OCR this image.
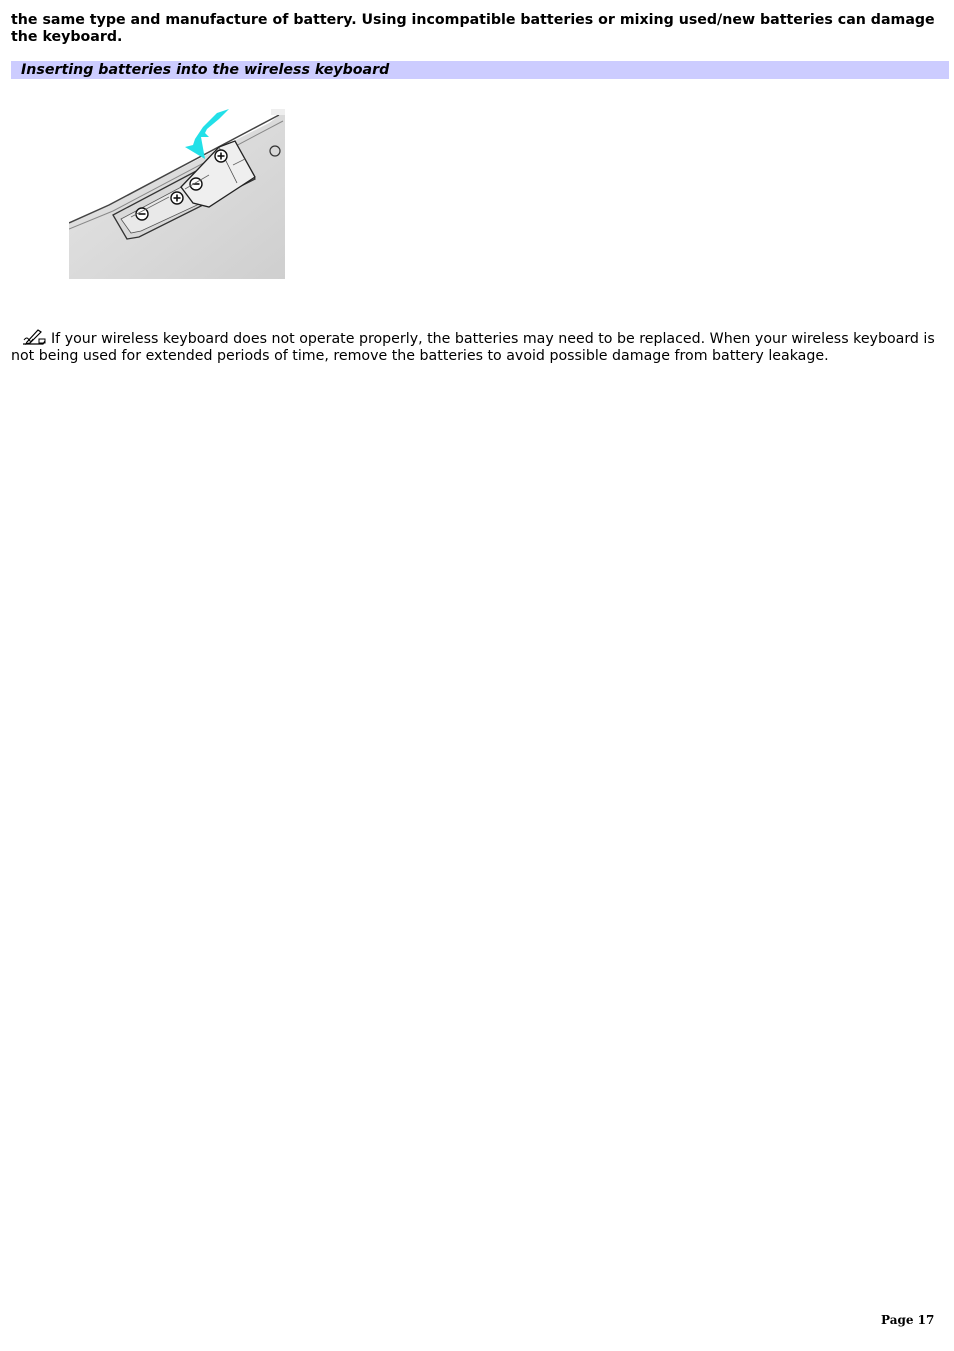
the same type and manufacture of battery. Using incompatible batteries or mixing used/new batteries can damage the keyboard.

Inserting batteries into the wireless keyboard

If your wireless keyboard does not operate properly, the batteries may need to be replaced. When your wireless keyboard is not being used for extended periods of time, remove the batteries to avoid possible damage from battery leakage.

Page 17
